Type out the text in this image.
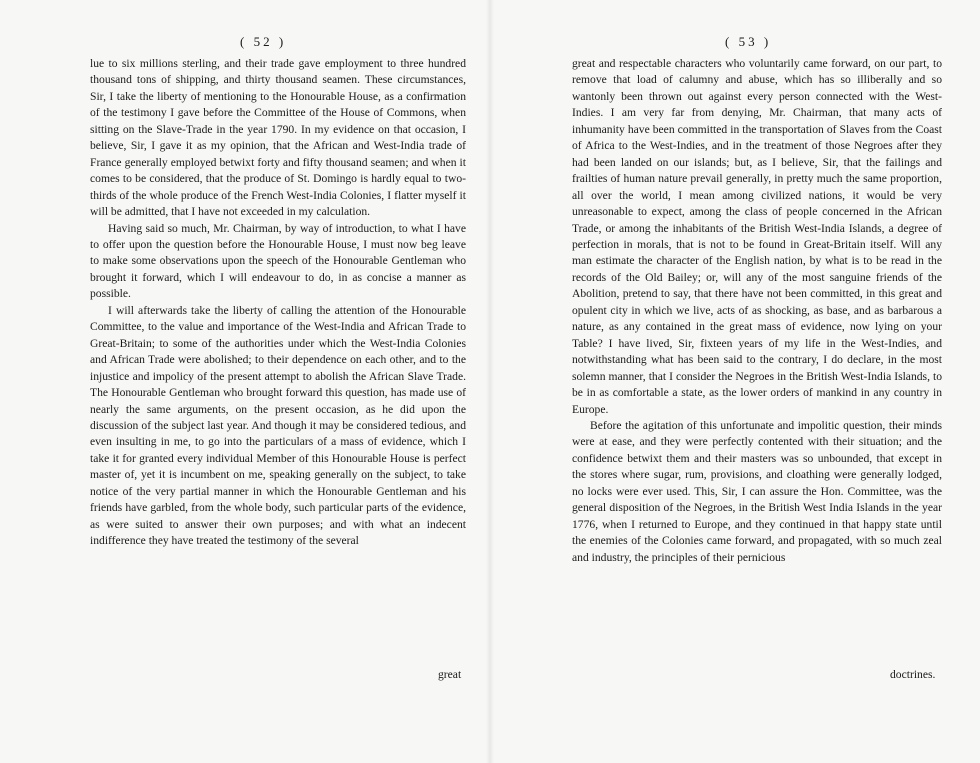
( 52 )

lue to six millions sterling, and their trade gave employment to three hundred thousand tons of shipping, and thirty thousand seamen. These circumstances, Sir, I take the liberty of mentioning to the Honourable House, as a confirmation of the testimony I gave before the Committee of the House of Commons, when sitting on the Slave-Trade in the year 1790. In my evidence on that occasion, I believe, Sir, I gave it as my opinion, that the African and West-India trade of France generally employed betwixt forty and fifty thousand seamen; and when it comes to be considered, that the produce of St. Domingo is hardly equal to two-thirds of the whole produce of the French West-India Colonies, I flatter myself it will be admitted, that I have not exceeded in my calculation.

Having said so much, Mr. Chairman, by way of introduction, to what I have to offer upon the question before the Honourable House, I must now beg leave to make some observations upon the speech of the Honourable Gentleman who brought it forward, which I will endeavour to do, in as concise a manner as possible.

I will afterwards take the liberty of calling the attention of the Honourable Committee, to the value and importance of the West-India and African Trade to Great-Britain; to some of the authorities under which the West-India Colonies and African Trade were abolished; to their dependence on each other, and to the injustice and impolicy of the present attempt to abolish the African Slave Trade. The Honourable Gentleman who brought forward this question, has made use of nearly the same arguments, on the present occasion, as he did upon the discussion of the subject last year. And though it may be considered tedious, and even insulting in me, to go into the particulars of a mass of evidence, which I take it for granted every individual Member of this Honourable House is perfect master of, yet it is incumbent on me, speaking generally on the subject, to take notice of the very partial manner in which the Honourable Gentleman and his friends have garbled, from the whole body, such particular parts of the evidence, as were suited to answer their own purposes; and with what an indecent indifference they have treated the testimony of the several

great
( 53 )

great and respectable characters who voluntarily came forward, on our part, to remove that load of calumny and abuse, which has so illiberally and so wantonly been thrown out against every person connected with the West-Indies. I am very far from denying, Mr. Chairman, that many acts of inhumanity have been committed in the transportation of Slaves from the Coast of Africa to the West-Indies, and in the treatment of those Negroes after they had been landed on our islands; but, as I believe, Sir, that the failings and frailties of human nature prevail generally, in pretty much the same proportion, all over the world, I mean among civilized nations, it would be very unreasonable to expect, among the class of people concerned in the African Trade, or among the inhabitants of the British West-India Islands, a degree of perfection in morals, that is not to be found in Great-Britain itself. Will any man estimate the character of the English nation, by what is to be read in the records of the Old Bailey; or, will any of the most sanguine friends of the Abolition, pretend to say, that there have not been committed, in this great and opulent city in which we live, acts of as shocking, as base, and as barbarous a nature, as any contained in the great mass of evidence, now lying on your Table? I have lived, Sir, fixteen years of my life in the West-Indies, and notwithstanding what has been said to the contrary, I do declare, in the most solemn manner, that I consider the Negroes in the British West-India Islands, to be in as comfortable a state, as the lower orders of mankind in any country in Europe.

Before the agitation of this unfortunate and impolitic question, their minds were at ease, and they were perfectly contented with their situation; and the confidence betwixt them and their masters was so unbounded, that except in the stores where sugar, rum, provisions, and cloathing were generally lodged, no locks were ever used. This, Sir, I can assure the Hon. Committee, was the general disposition of the Negroes, in the British West India Islands in the year 1776, when I returned to Europe, and they continued in that happy state until the enemies of the Colonies came forward, and propagated, with so much zeal and industry, the principles of their pernicious

doctrines.
